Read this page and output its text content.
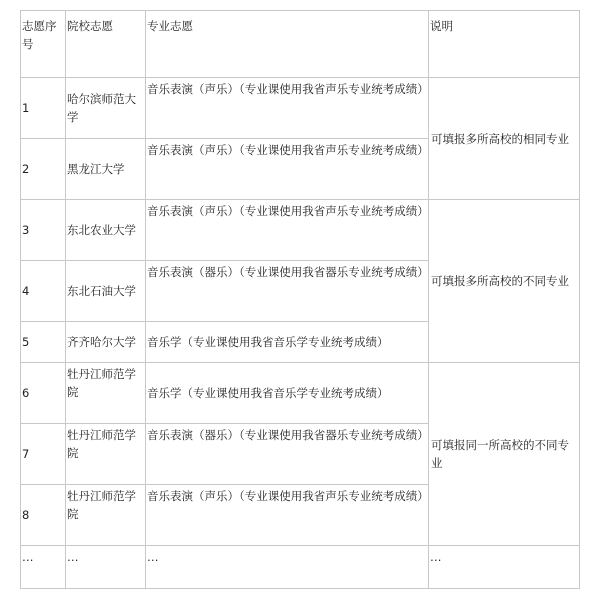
志愿序号	院校志愿	专业志愿	说明
1	哈尔滨师范大学	音乐表演（声乐）（专业课使用我省声乐专业统考成绩）	可填报多所高校的相同专业
2	黑龙江大学	音乐表演（声乐）（专业课使用我省声乐专业统考成绩）	
3	东北农业大学	音乐表演（声乐）（专业课使用我省声乐专业统考成绩）	可填报多所高校的不同专业
4	东北石油大学	音乐表演（器乐）（专业课使用我省器乐专业统考成绩）	
5	齐齐哈尔大学	音乐学（专业课使用我省音乐学专业统考成绩）	
6	牡丹江师范学院	音乐学（专业课使用我省音乐学专业统考成绩）	可填报同一所高校的不同专业
7	牡丹江师范学院	音乐表演（器乐）（专业课使用我省器乐专业统考成绩）	
8	牡丹江师范学院	音乐表演（声乐）（专业课使用我省声乐专业统考成绩）	
…	…	…	…
